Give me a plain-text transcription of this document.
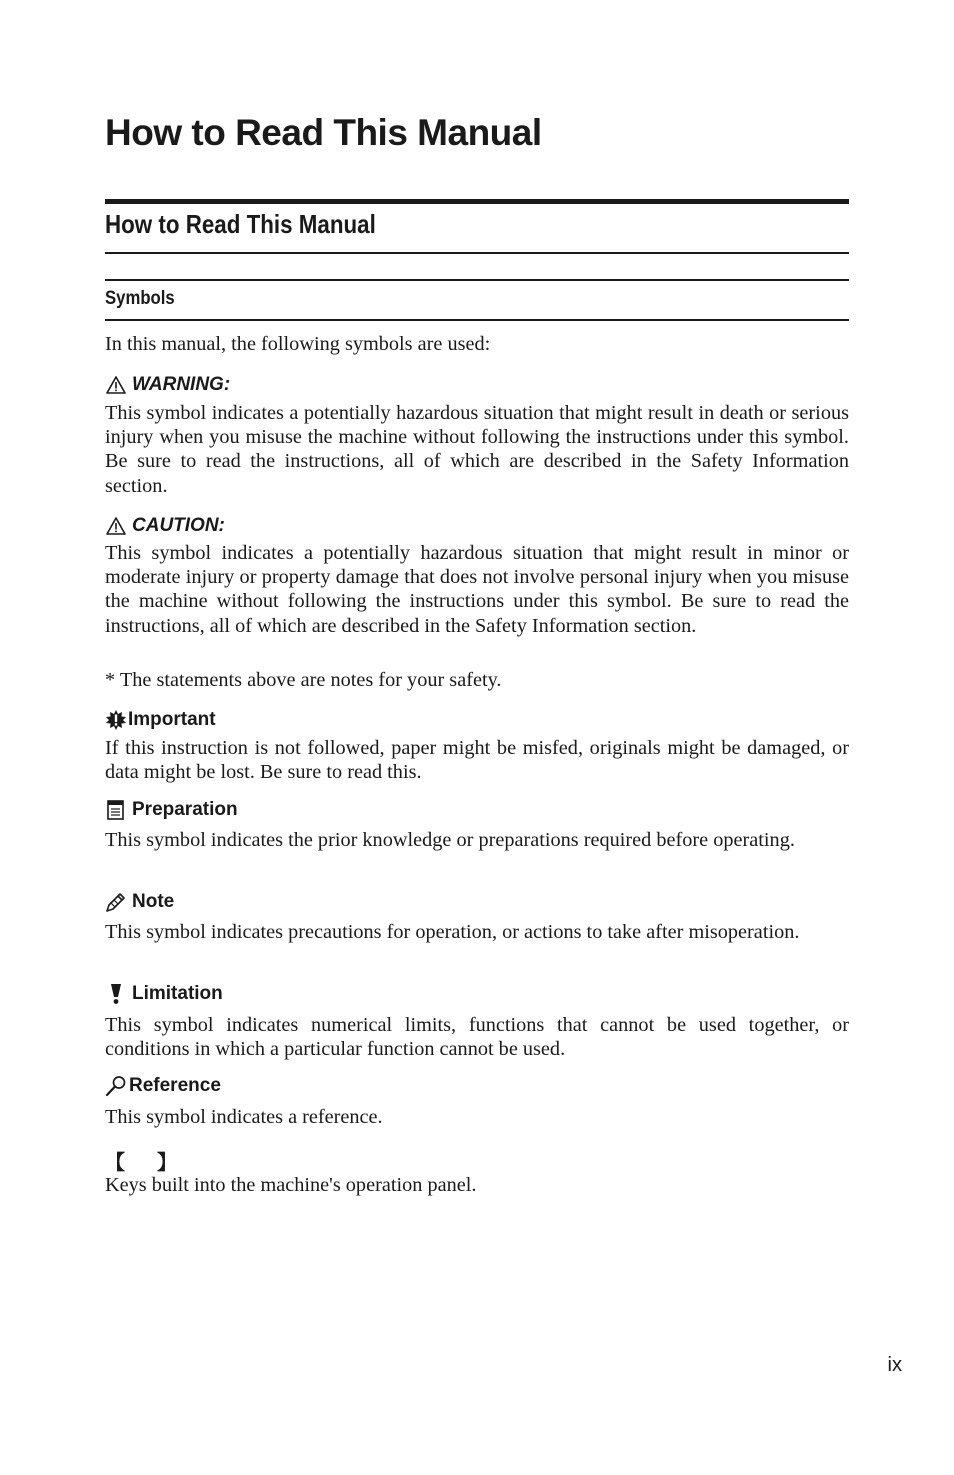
How to Read This Manual
How to Read This Manual
Symbols

In this manual, the following symbols are used:

WARNING:

This symbol indicates a potentially hazardous situation that might result in death or serious injury when you misuse the machine without following the instructions under this symbol. Be sure to read the instructions, all of which are described in the Safety Information section.

CAUTION:

This symbol indicates a potentially hazardous situation that might result in minor or moderate injury or property damage that does not involve personal injury when you misuse the machine without following the instructions under this symbol. Be sure to read the instructions, all of which are described in the Safety Information section.

* The statements above are notes for your safety.

Important

If this instruction is not followed, paper might be misfed, originals might be damaged, or data might be lost. Be sure to read this.

Preparation

This symbol indicates the prior knowledge or preparations required before operating.

Note

This symbol indicates precautions for operation, or actions to take after misoperation.

Limitation

This symbol indicates numerical limits, functions that cannot be used together, or conditions in which a particular function cannot be used.

Reference

This symbol indicates a reference.

【 】

Keys built into the machine's operation panel.

ix
